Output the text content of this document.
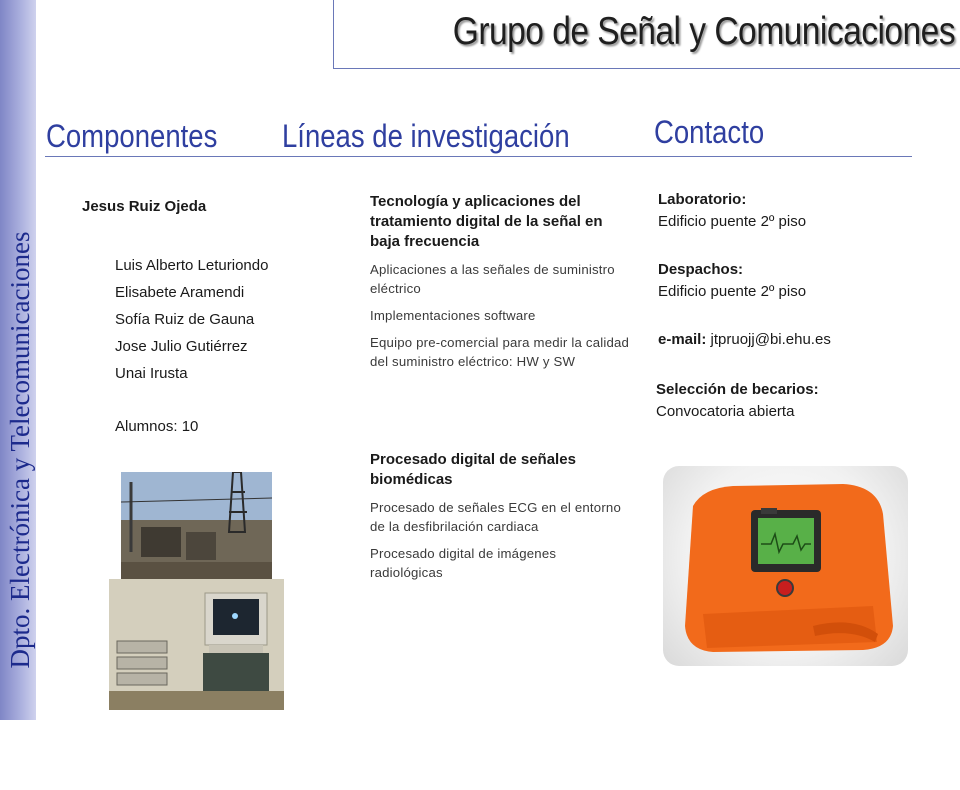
Dpto. Electrónica y Telecomunicaciones
Grupo de Señal y Comunicaciones
Componentes Líneas de investigación	Contacto
Jesus Ruiz Ojeda
Luis Alberto Leturiondo
Elisabete Aramendi
Sofía Ruiz de Gauna
Jose Julio Gutiérrez
Unai Irusta
Alumnos: 10
Tecnología y aplicaciones del tratamiento digital de la señal en baja frecuencia
Aplicaciones a las señales de suministro eléctrico
Implementaciones software
Equipo pre-comercial para medir la calidad del suministro eléctrico: HW y SW
Procesado digital de señales biomédicas
Procesado de señales ECG en el entorno de la desfibrilación cardiaca
Procesado digital de imágenes radiológicas
Laboratorio:
Edificio puente 2º piso
Despachos:
Edificio puente 2º piso
e-mail: jtpruojj@bi.ehu.es
Selección de becarios:
Convocatoria abierta
